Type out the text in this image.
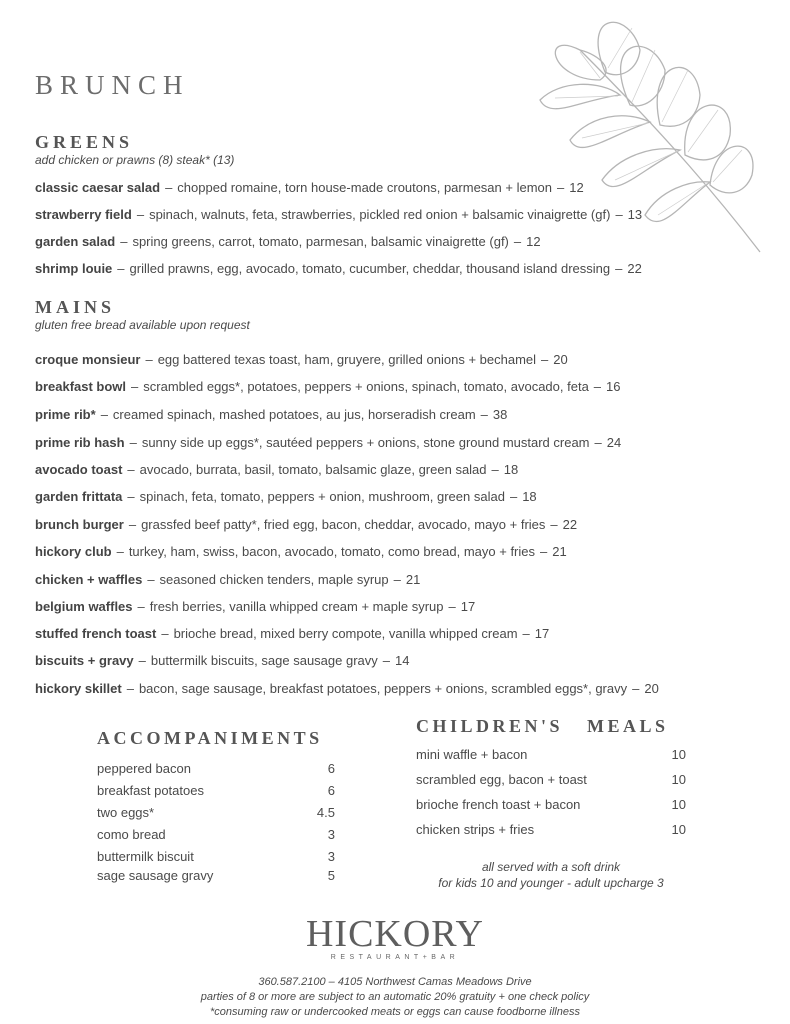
BRUNCH
GREENS
add chicken or prawns (8) steak* (13)
classic caesar salad – chopped romaine, torn house-made croutons, parmesan + lemon – 12
strawberry field – spinach, walnuts, feta, strawberries, pickled red onion + balsamic vinaigrette (gf) – 13
garden salad – spring greens, carrot, tomato, parmesan, balsamic vinaigrette (gf) – 12
shrimp louie – grilled prawns, egg, avocado, tomato, cucumber, cheddar, thousand island dressing – 22
MAINS
gluten free bread available upon request
croque monsieur – egg battered texas toast, ham, gruyere, grilled onions + bechamel – 20
breakfast bowl – scrambled eggs*, potatoes, peppers + onions, spinach, tomato, avocado, feta – 16
prime rib* – creamed spinach, mashed potatoes, au jus, horseradish cream – 38
prime rib hash – sunny side up eggs*, sautéed peppers + onions, stone ground mustard cream – 24
avocado toast – avocado, burrata, basil, tomato, balsamic glaze, green salad – 18
garden frittata – spinach, feta, tomato, peppers + onion, mushroom, green salad – 18
brunch burger – grassfed beef patty*, fried egg, bacon, cheddar, avocado, mayo + fries – 22
hickory club – turkey, ham, swiss, bacon, avocado, tomato, como bread, mayo + fries – 21
chicken + waffles – seasoned chicken tenders, maple syrup – 21
belgium waffles – fresh berries, vanilla whipped cream + maple syrup – 17
stuffed french toast – brioche bread, mixed berry compote, vanilla whipped cream – 17
biscuits + gravy – buttermilk biscuits, sage sausage gravy – 14
hickory skillet – bacon, sage sausage, breakfast potatoes, peppers + onions, scrambled eggs*, gravy – 20
ACCOMPANIMENTS
peppered bacon	6
breakfast potatoes	6
two eggs*	4.5
como bread	3
buttermilk biscuit	3
sage sausage gravy	5
CHILDREN'S MEALS
mini waffle + bacon	10
scrambled egg, bacon + toast	10
brioche french toast + bacon	10
chicken strips + fries	10
all served with a soft drink
for kids 10 and younger - adult upcharge 3
HICKORY
RESTAURANT+BAR
360.587.2100 – 4105 Northwest Camas Meadows Drive
parties of 8 or more are subject to an automatic 20% gratuity + one check policy
*consuming raw or undercooked meats or eggs can cause foodborne illness
